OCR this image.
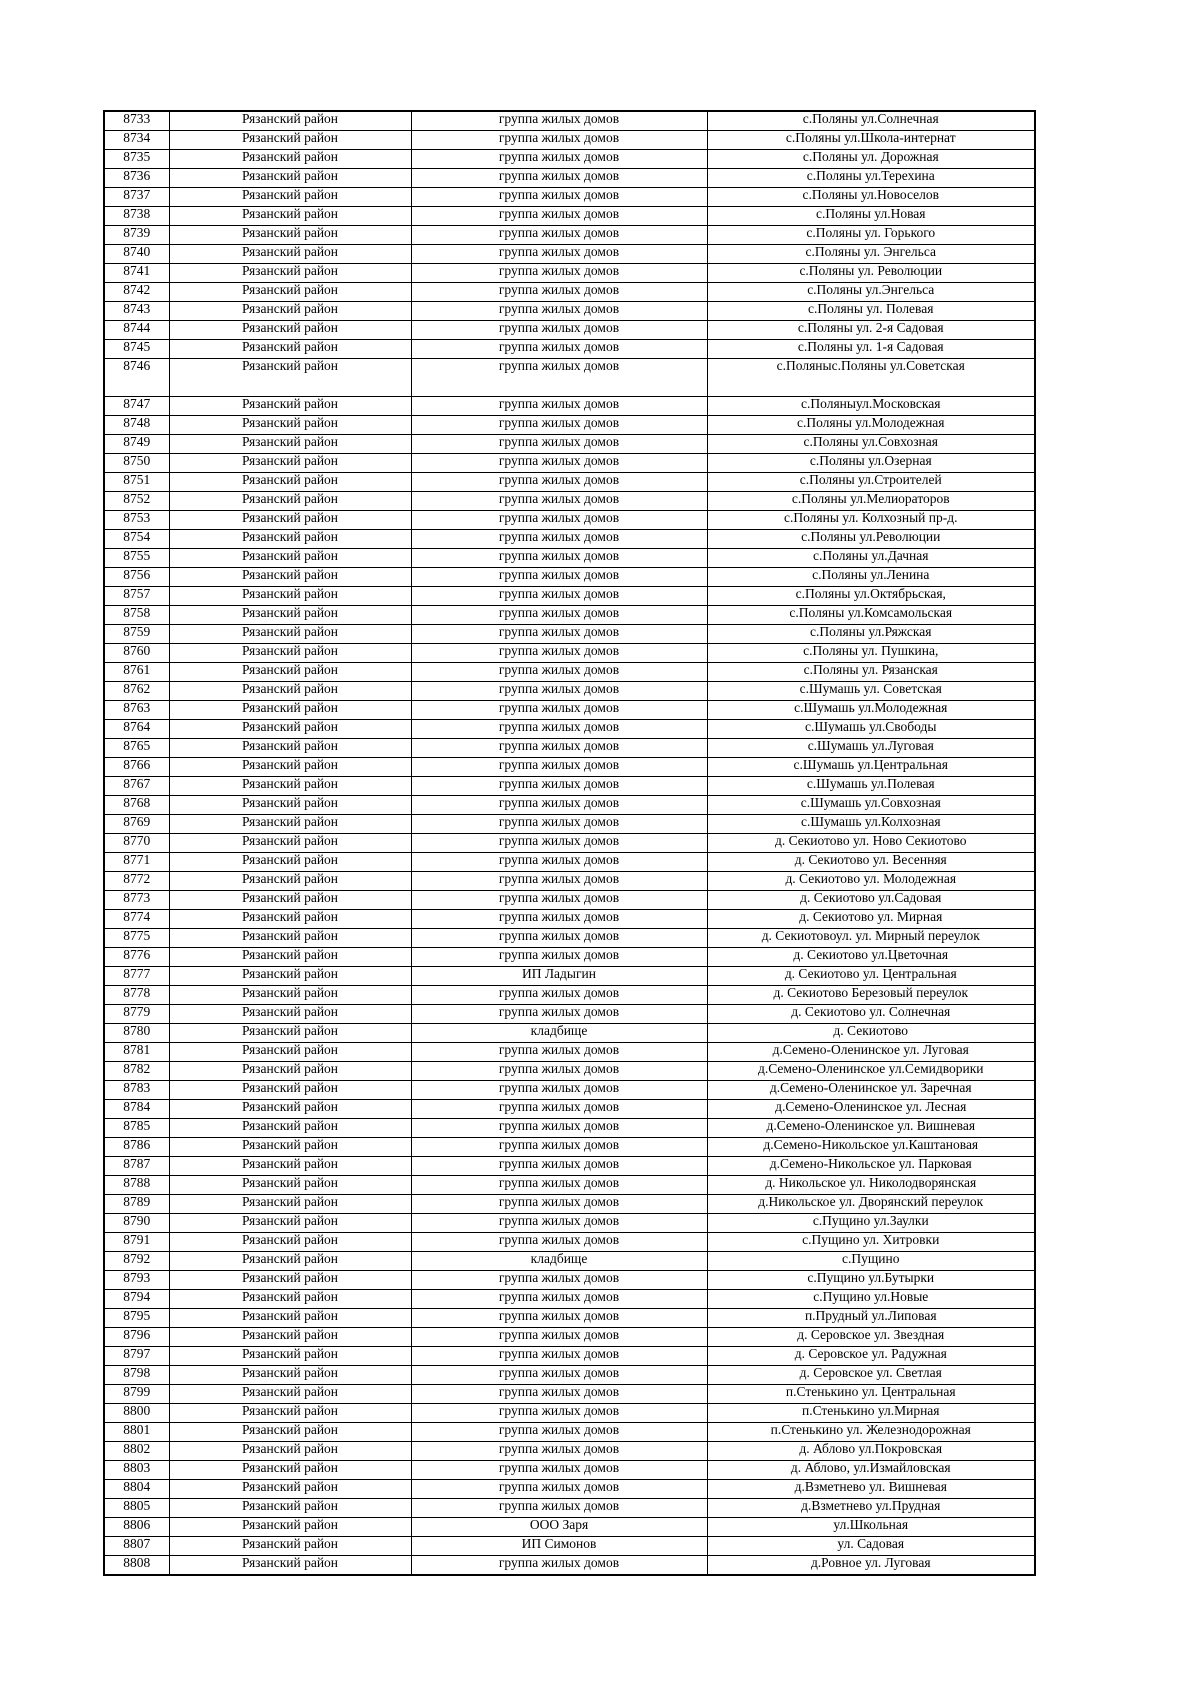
8733	Рязанский район	группа жилых домов	с.Поляны ул.Солнечная
8734	Рязанский район	группа жилых домов	с.Поляны ул.Школа-интернат
8735	Рязанский район	группа жилых домов	с.Поляны ул. Дорожная
8736	Рязанский район	группа жилых домов	с.Поляны ул.Терехина
8737	Рязанский район	группа жилых домов	с.Поляны ул.Новоселов
8738	Рязанский район	группа жилых домов	с.Поляны ул.Новая
8739	Рязанский район	группа жилых домов	с.Поляны ул. Горького
8740	Рязанский район	группа жилых домов	с.Поляны ул. Энгельса
8741	Рязанский район	группа жилых домов	с.Поляны ул. Революции
8742	Рязанский район	группа жилых домов	с.Поляны ул.Энгельса
8743	Рязанский район	группа жилых домов	с.Поляны ул. Полевая
8744	Рязанский район	группа жилых домов	с.Поляны ул. 2-я Садовая
8745	Рязанский район	группа жилых домов	с.Поляны ул. 1-я Садовая
8746	Рязанский район	группа жилых домов	с.Поляныс.Поляны ул.Советская
8747	Рязанский район	группа жилых домов	с.Поляныул.Московская
8748	Рязанский район	группа жилых домов	с.Поляны ул.Молодежная
8749	Рязанский район	группа жилых домов	с.Поляны ул.Совхозная
8750	Рязанский район	группа жилых домов	с.Поляны ул.Озерная
8751	Рязанский район	группа жилых домов	с.Поляны ул.Строителей
8752	Рязанский район	группа жилых домов	с.Поляны ул.Мелиораторов
8753	Рязанский район	группа жилых домов	с.Поляны ул. Колхозный пр-д.
8754	Рязанский район	группа жилых домов	с.Поляны ул.Революции
8755	Рязанский район	группа жилых домов	с.Поляны ул.Дачная
8756	Рязанский район	группа жилых домов	с.Поляны ул.Ленина
8757	Рязанский район	группа жилых домов	с.Поляны ул.Октябрьская,
8758	Рязанский район	группа жилых домов	с.Поляны ул.Комсамольская
8759	Рязанский район	группа жилых домов	с.Поляны ул.Ряжская
8760	Рязанский район	группа жилых домов	с.Поляны ул. Пушкина,
8761	Рязанский район	группа жилых домов	с.Поляны ул. Рязанская
8762	Рязанский район	группа жилых домов	с.Шумашь ул. Советская
8763	Рязанский район	группа жилых домов	с.Шумашь ул.Молодежная
8764	Рязанский район	группа жилых домов	с.Шумашь ул.Свободы
8765	Рязанский район	группа жилых домов	с.Шумашь ул.Луговая
8766	Рязанский район	группа жилых домов	с.Шумашь ул.Центральная
8767	Рязанский район	группа жилых домов	с.Шумашь ул.Полевая
8768	Рязанский район	группа жилых домов	с.Шумашь ул.Совхозная
8769	Рязанский район	группа жилых домов	с.Шумашь ул.Колхозная
8770	Рязанский район	группа жилых домов	д. Секиотово ул. Ново Секиотово
8771	Рязанский район	группа жилых домов	д. Секиотово ул. Весенняя
8772	Рязанский район	группа жилых домов	д. Секиотово ул. Молодежная
8773	Рязанский район	группа жилых домов	д. Секиотово ул.Садовая
8774	Рязанский район	группа жилых домов	д. Секиотово ул. Мирная
8775	Рязанский район	группа жилых домов	д. Секиотовоул. ул. Мирный переулок
8776	Рязанский район	группа жилых домов	д. Секиотово ул.Цветочная
8777	Рязанский район	ИП Ладыгин	д. Секиотово ул. Центральная
8778	Рязанский район	группа жилых домов	д. Секиотово Березовый переулок
8779	Рязанский район	группа жилых домов	д. Секиотово ул. Солнечная
8780	Рязанский район	кладбище	д. Секиотово
8781	Рязанский район	группа жилых домов	д.Семено-Оленинское ул. Луговая
8782	Рязанский район	группа жилых домов	д.Семено-Оленинское ул.Семидворики
8783	Рязанский район	группа жилых домов	д.Семено-Оленинское ул. Заречная
8784	Рязанский район	группа жилых домов	д.Семено-Оленинское ул. Лесная
8785	Рязанский район	группа жилых домов	д.Семено-Оленинское ул. Вишневая
8786	Рязанский район	группа жилых домов	д.Семено-Никольское ул.Каштановая
8787	Рязанский район	группа жилых домов	д.Семено-Никольское ул. Парковая
8788	Рязанский район	группа жилых домов	д. Никольское ул. Николодворянская
8789	Рязанский район	группа жилых домов	д.Никольское ул. Дворянский переулок
8790	Рязанский район	группа жилых домов	с.Пущино ул.Заулки
8791	Рязанский район	группа жилых домов	с.Пущино ул. Хитровки
8792	Рязанский район	кладбище	с.Пущино
8793	Рязанский район	группа жилых домов	с.Пущино ул.Бутырки
8794	Рязанский район	группа жилых домов	с.Пущино ул.Новые
8795	Рязанский район	группа жилых домов	п.Прудный ул.Липовая
8796	Рязанский район	группа жилых домов	д. Серовское ул. Звездная
8797	Рязанский район	группа жилых домов	д. Серовское ул. Радужная
8798	Рязанский район	группа жилых домов	д. Серовское ул. Светлая
8799	Рязанский район	группа жилых домов	п.Стенькино ул. Центральная
8800	Рязанский район	группа жилых домов	п.Стенькино ул.Мирная
8801	Рязанский район	группа жилых домов	п.Стенькино ул. Железнодорожная
8802	Рязанский район	группа жилых домов	д. Аблово ул.Покровская
8803	Рязанский район	группа жилых домов	д. Аблово, ул.Измайловская
8804	Рязанский район	группа жилых домов	д.Взметнево ул. Вишневая
8805	Рязанский район	группа жилых домов	д.Взметнево ул.Прудная
8806	Рязанский район	ООО Заря	ул.Школьная
8807	Рязанский район	ИП Симонов	ул. Садовая
8808	Рязанский район	группа жилых домов	д.Ровное ул. Луговая
